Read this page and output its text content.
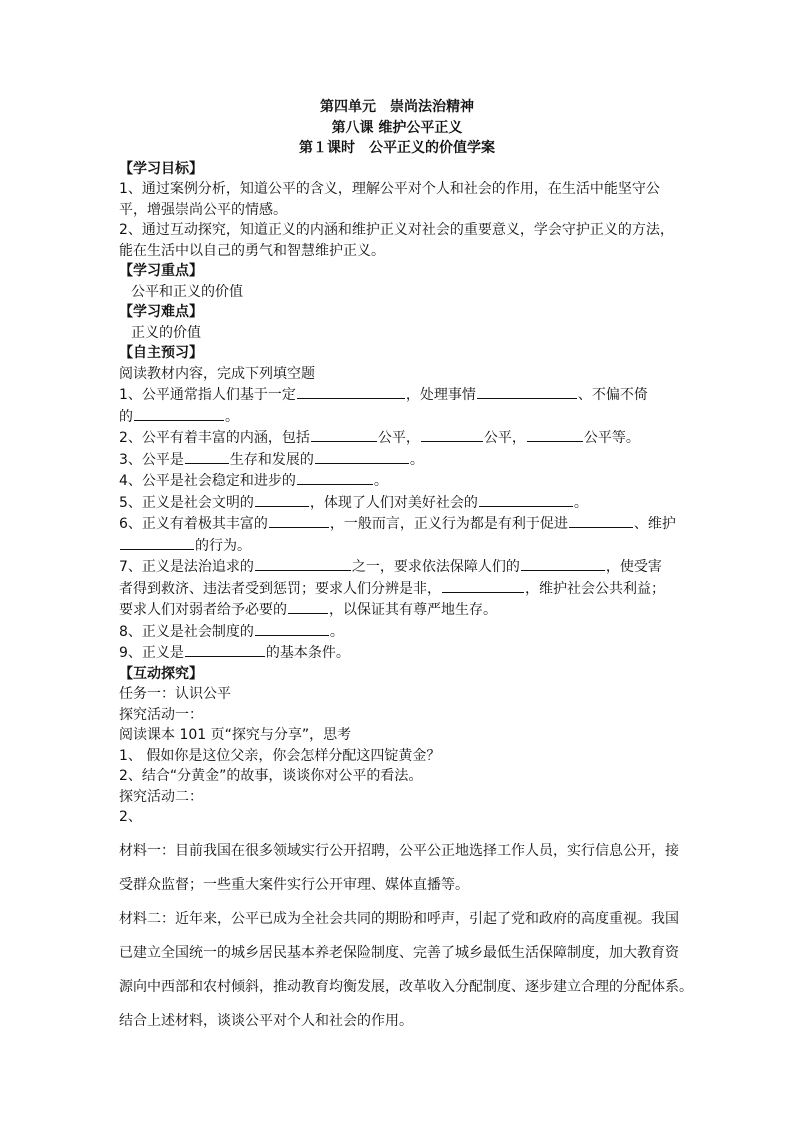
第四单元　崇尚法治精神
第八课 维护公平正义
第１课时　公平正义的价值学案
【学习目标】
1、通过案例分析，知道公平的含义，理解公平对个人和社会的作用，在生活中能坚守公平，增强崇尚公平的情感。
2、通过互动探究，知道正义的内涵和维护正义对社会的重要意义，学会守护正义的方法，能在生活中以自己的勇气和智慧维护正义。
【学习重点】
公平和正义的价值
【学习难点】
正义的价值
【自主预习】
阅读教材内容，完成下列填空题
1、公平通常指人们基于一定	，处理事情	、不偏不倚
的	。
2、公平有着丰富的内涵，包括	公平，	公平，	公平等。
3、公平是	生存和发展的	。
4、公平是社会稳定和进步的	。
5、正义是社会文明的	，体现了人们对美好社会的	。
6、正义有着极其丰富的	，一般而言，正义行为都是有利于促进	、维护
的行为。
7、正义是法治追求的	之一，要求依法保障人们的	，使受害
者得到救济、违法者受到惩罚；要求人们分辨是非，	，维护社会公共利益；
要求人们对弱者给予必要的	，以保证其有尊严地生存。
8、正义是社会制度的	。
9、正义是	的基本条件。
【互动探究】
任务一：认识公平
探究活动一：
阅读课本 101 页“探究与分享”，思考
1、 假如你是这位父亲，你会怎样分配这四锭黄金？
2、结合“分黄金”的故事，谈谈你对公平的看法。
探究活动二：
2、
材料一：目前我国在很多领域实行公开招聘，公平公正地选择工作人员，实行信息公开，接
受群众监督；一些重大案件实行公开审理、媒体直播等。
材料二：近年来，公平已成为全社会共同的期盼和呼声，引起了党和政府的高度重视。我国
已建立全国统一的城乡居民基本养老保险制度、完善了城乡最低生活保障制度，加大教育资
源向中西部和农村倾斜，推动教育均衡发展，改革收入分配制度、逐步建立合理的分配体系。
结合上述材料，谈谈公平对个人和社会的作用。
